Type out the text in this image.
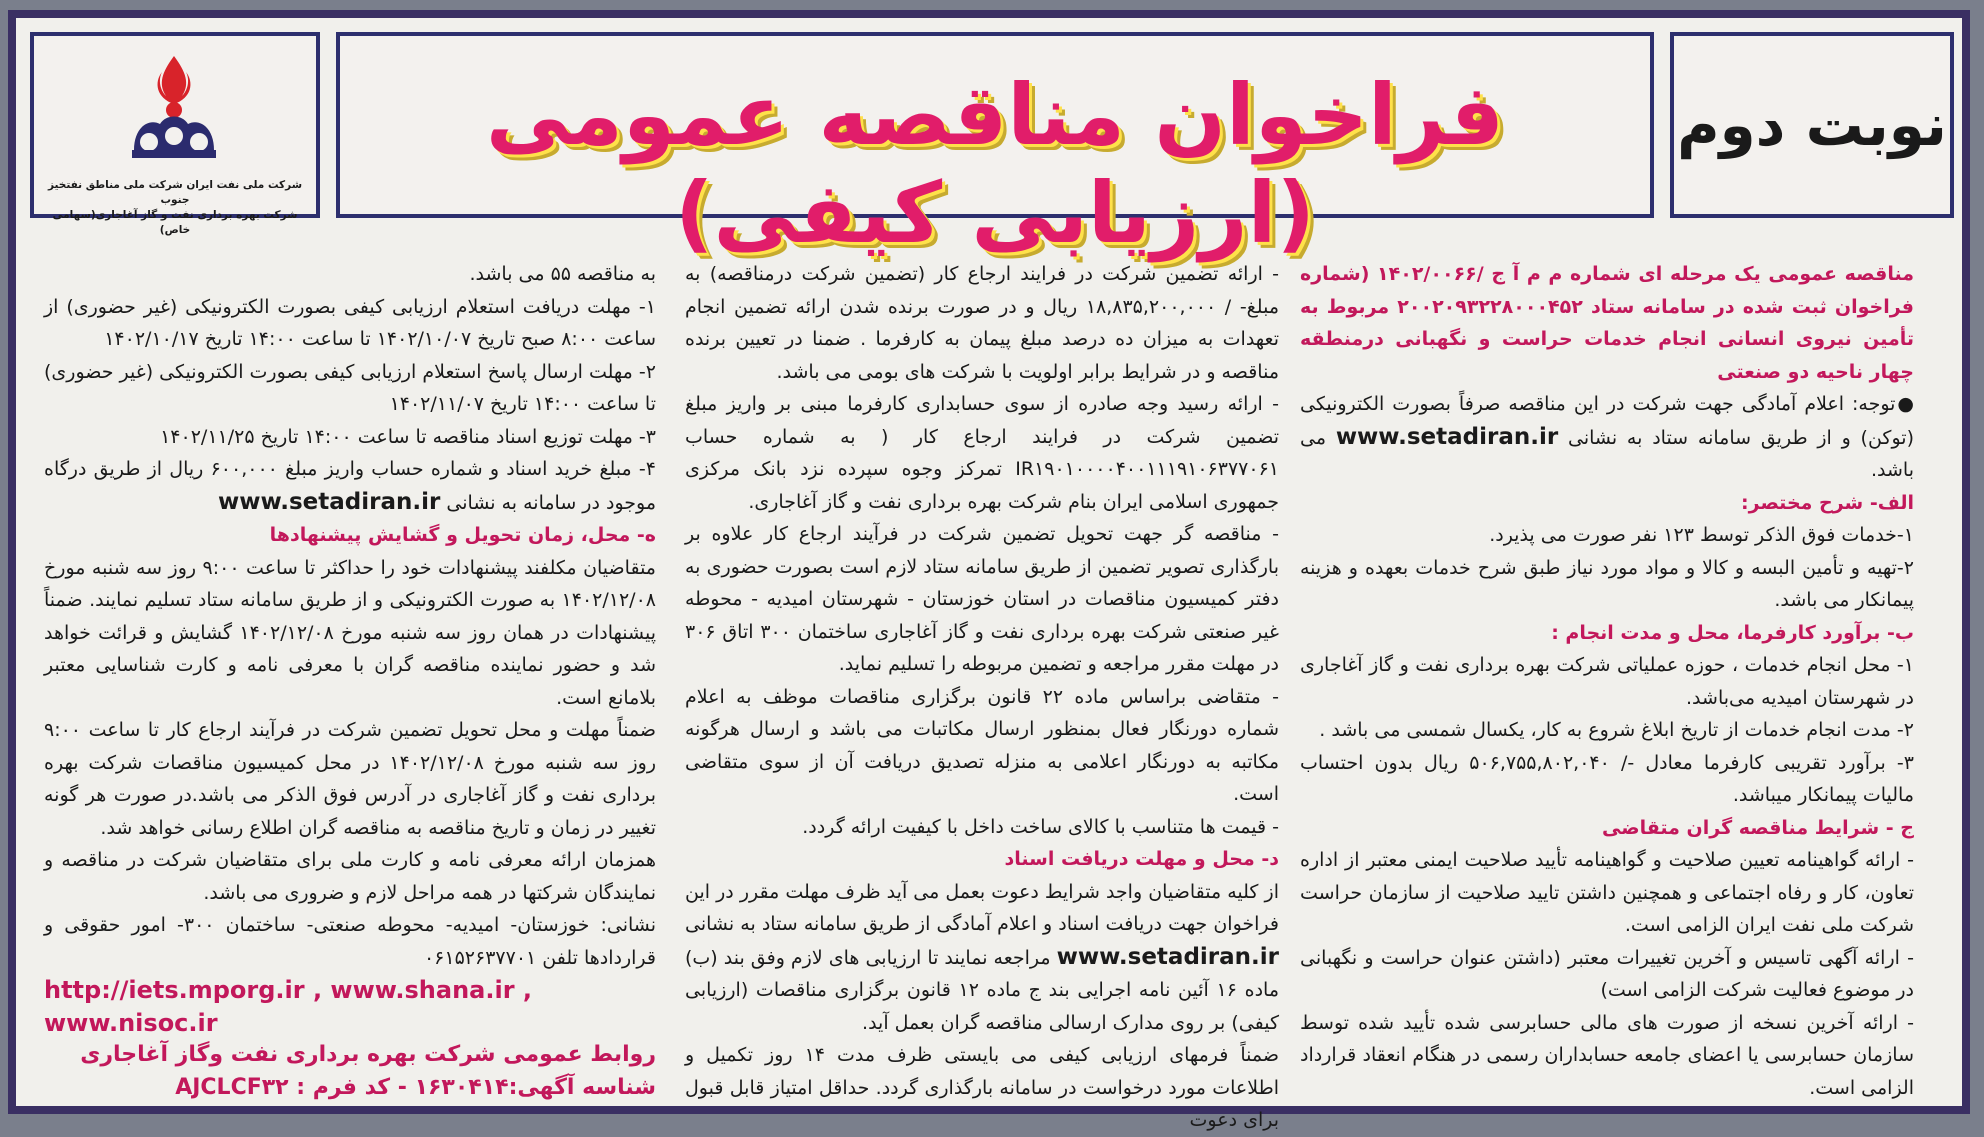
شرکت ملی نفت ایران شرکت ملی مناطق نفتخیز جنوب
شرکت بهره برداری نفت و گاز آغاجاری(سهامی خاص)
فراخوان مناقصه عمومی (ارزیابی کیفی)
نوبت دوم

مناقصه عمومی یک مرحله ای شماره م م آ ج /۱۴۰۲/۰۰۶۶ (شماره فراخوان ثبت شده در سامانه ستاد ۲۰۰۲۰۹۳۲۲۸۰۰۰۴۵۲ مربوط به تأمین نیروی انسانی انجام خدمات حراست و نگهبانی درمنطقه چهار ناحیه دو صنعتی

●توجه: اعلام آمادگی جهت شرکت در این مناقصه صرفاً بصورت الکترونیکی (توکن) و از طریق سامانه ستاد به نشانی www.setadiran.ir می باشد.

الف- شرح مختصر:

۱-خدمات فوق الذکر توسط ۱۲۳ نفر صورت می پذیرد.

۲-تهیه و تأمین البسه و کالا و مواد مورد نیاز طبق شرح خدمات بعهده و هزینه پیمانکار می باشد.

ب- برآورد کارفرما، محل و مدت انجام :

۱- محل انجام خدمات ، حوزه عملیاتی شرکت بهره برداری نفت و گاز آغاجاری در شهرستان امیدیه می‌باشد.

۲- مدت انجام خدمات از تاریخ ابلاغ شروع به کار، یکسال شمسی می باشد .

۳- برآورد تقریبی کارفرما معادل -/ ۵۰۶,۷۵۵,۸۰۲,۰۴۰ ریال بدون احتساب مالیات پیمانکار میباشد.

ج - شرایط مناقصه گران متقاضی

- ارائه گواهینامه تعیین صلاحیت و گواهینامه تأیید صلاحیت ایمنی معتبر از اداره تعاون، کار و رفاه اجتماعی و همچنین داشتن تایید صلاحیت از سازمان حراست شرکت ملی نفت ایران الزامی است.

- ارائه آگهی تاسیس و آخرین تغییرات معتبر (داشتن عنوان حراست و نگهبانی در موضوع فعالیت شرکت الزامی است)

- ارائه آخرین نسخه از صورت های مالی حسابرسی شده تأیید شده توسط سازمان حسابرسی یا اعضای جامعه حسابداران رسمی در هنگام انعقاد قرارداد الزامی است.

- ارائه تضمین شرکت در فرایند ارجاع کار (تضمین شرکت درمناقصه) به مبلغ- / ۱۸,۸۳۵,۲۰۰,۰۰۰ ریال و در صورت برنده شدن ارائه تضمین انجام تعهدات به میزان ده درصد مبلغ پیمان به کارفرما . ضمنا در تعیین برنده مناقصه و در شرایط برابر اولویت با شرکت های بومی می باشد.

- ارائه رسید وجه صادره از سوی حسابداری کارفرما مبنی بر واریز مبلغ تضمین شرکت در فرایند ارجاع کار ( به شماره حساب IR۱۹۰۱۰۰۰۰۴۰۰۱۱۱۹۱۰۶۳۷۷۰۶۱ تمرکز وجوه سپرده نزد بانک مرکزی جمهوری اسلامی ایران بنام شرکت بهره برداری نفت و گاز آغاجاری.

- مناقصه گر جهت تحویل تضمین شرکت در فرآیند ارجاع کار علاوه بر بارگذاری تصویر تضمین از طریق سامانه ستاد لازم است بصورت حضوری به دفتر کمیسیون مناقصات در استان خوزستان - شهرستان امیدیه - محوطه غیر صنعتی شرکت بهره برداری نفت و گاز آغاجاری ساختمان ۳۰۰ اتاق ۳۰۶ در مهلت مقرر مراجعه و تضمین مربوطه را تسلیم نماید.

- متقاضی براساس ماده ۲۲ قانون برگزاری مناقصات موظف به اعلام شماره دورنگار فعال بمنظور ارسال مکاتبات می باشد و ارسال هرگونه مکاتبه به دورنگار اعلامی به منزله تصدیق دریافت آن از سوی متقاضی است.

- قیمت ها متناسب با کالای ساخت داخل با کیفیت ارائه گردد.

د- محل و مهلت دریافت اسناد

از کلیه متقاضیان واجد شرایط دعوت بعمل می آید ظرف مهلت مقرر در این فراخوان جهت دریافت اسناد و اعلام آمادگی از طریق سامانه ستاد به نشانی www.setadiran.ir مراجعه نمایند تا ارزیابی های لازم وفق بند (ب) ماده ۱۶ آئین نامه اجرایی بند ج ماده ۱۲ قانون برگزاری مناقصات (ارزیابی کیفی) بر روی مدارک ارسالی مناقصه گران بعمل آید.

ضمناً فرمهای ارزیابی کیفی می بایستی ظرف مدت ۱۴ روز تکمیل و اطلاعات مورد درخواست در سامانه بارگذاری گردد. حداقل امتیاز قابل قبول برای دعوت

به مناقصه ۵۵ می باشد.

۱- مهلت دریافت استعلام ارزیابی کیفی بصورت الکترونیکی (غیر حضوری) از ساعت ۸:۰۰ صبح تاریخ ۱۴۰۲/۱۰/۰۷ تا ساعت ۱۴:۰۰ تاریخ ۱۴۰۲/۱۰/۱۷

۲- مهلت ارسال پاسخ استعلام ارزیابی کیفی بصورت الکترونیکی (غیر حضوری) تا ساعت ۱۴:۰۰ تاریخ ۱۴۰۲/۱۱/۰۷

۳- مهلت توزیع اسناد مناقصه تا ساعت ۱۴:۰۰ تاریخ ۱۴۰۲/۱۱/۲۵

۴- مبلغ خرید اسناد و شماره حساب واریز مبلغ ۶۰۰,۰۰۰ ریال از طریق درگاه موجود در سامانه به نشانی www.setadiran.ir

ه- محل، زمان تحویل و گشایش پیشنهادها

متقاضیان مکلفند پیشنهادات خود را حداکثر تا ساعت ۹:۰۰ روز سه شنبه مورخ ۱۴۰۲/۱۲/۰۸ به صورت الکترونیکی و از طریق سامانه ستاد تسلیم نمایند. ضمناً پیشنهادات در همان روز سه شنبه مورخ ۱۴۰۲/۱۲/۰۸ گشایش و قرائت خواهد شد و حضور نماینده مناقصه گران با معرفی نامه و کارت شناسایی معتبر بلامانع است.

ضمناً مهلت و محل تحویل تضمین شرکت در فرآیند ارجاع کار تا ساعت ۹:۰۰ روز سه شنبه مورخ ۱۴۰۲/۱۲/۰۸ در محل کمیسیون مناقصات شرکت بهره برداری نفت و گاز آغاجاری در آدرس فوق الذکر می باشد.در صورت هر گونه تغییر در زمان و تاریخ مناقصه به مناقصه گران اطلاع رسانی خواهد شد.

همزمان ارائه معرفی نامه و کارت ملی برای متقاضیان شرکت در مناقصه و نمایندگان شرکتها در همه مراحل لازم و ضروری می باشد.

نشانی: خوزستان- امیدیه- محوطه صنعتی- ساختمان ۳۰۰- امور حقوقی و قراردادها تلفن ۰۶۱۵۲۶۳۷۷۰۱

http://iets.mporg.ir , www.shana.ir , www.nisoc.ir

روابط عمومی شرکت بهره برداری نفت وگاز آغاجاری

شناسه آگهی:۱۶۳۰۴۱۴ - کد فرم : AJCLCF۳۲
